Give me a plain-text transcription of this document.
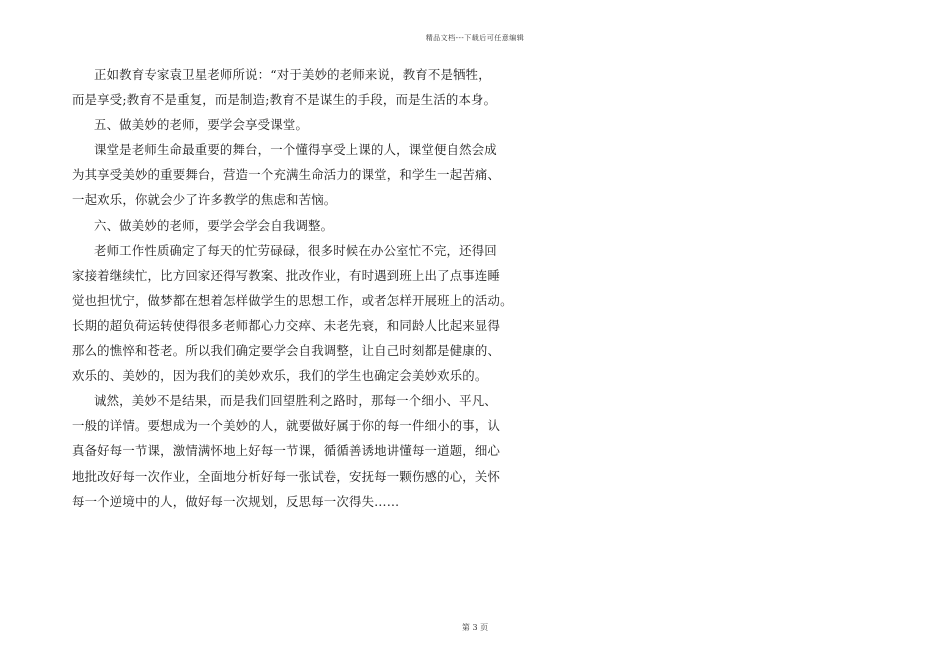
精品文档---下载后可任意编辑
正如教育专家袁卫星老师所说：“对于美妙的老师来说，教育不是牺牲，
而是享受;教育不是重复，而是制造;教育不是谋生的手段，而是生活的本身。
五、做美妙的老师，要学会享受课堂。
课堂是老师生命最重要的舞台，一个懂得享受上课的人，课堂便自然会成
为其享受美妙的重要舞台，营造一个充满生命活力的课堂，和学生一起苦痛、
一起欢乐，你就会少了许多教学的焦虑和苦恼。
六、做美妙的老师，要学会学会自我调整。
老师工作性质确定了每天的忙劳碌碌，很多时候在办公室忙不完，还得回
家接着继续忙，比方回家还得写教案、批改作业，有时遇到班上出了点事连睡
觉也担忧宁，做梦都在想着怎样做学生的思想工作，或者怎样开展班上的活动。
长期的超负荷运转使得很多老师都心力交瘁、未老先衰，和同龄人比起来显得
那么的憔悴和苍老。所以我们确定要学会自我调整，让自己时刻都是健康的、
欢乐的、美妙的，因为我们的美妙欢乐，我们的学生也确定会美妙欢乐的。
诚然，美妙不是结果，而是我们回望胜利之路时，那每一个细小、平凡、
一般的详情。要想成为一个美妙的人，就要做好属于你的每一件细小的事，认
真备好每一节课，激情满怀地上好每一节课，循循善诱地讲懂每一道题，细心
地批改好每一次作业，全面地分析好每一张试卷，安抚每一颗伤感的心，关怀
每一个逆境中的人，做好每一次规划，反思每一次得失……
第 3 页
